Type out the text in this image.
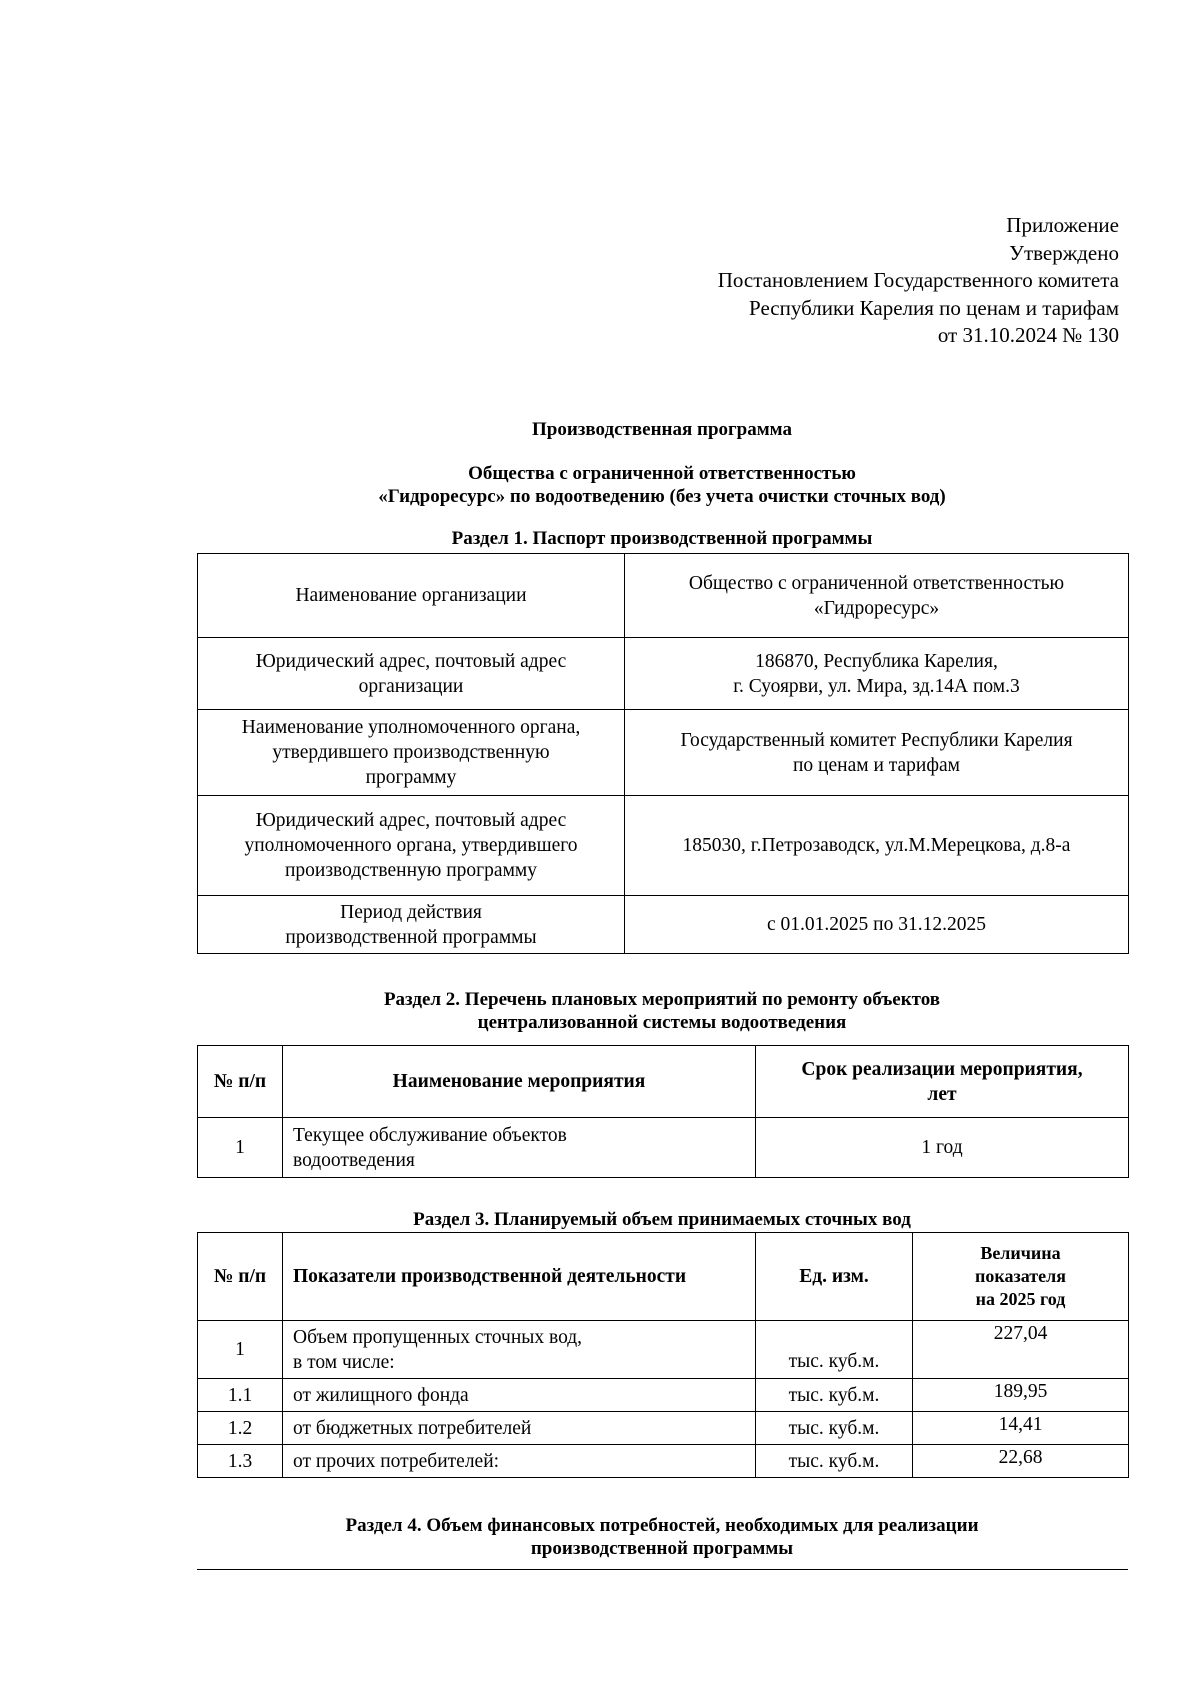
Приложение
Утверждено
Постановлением Государственного комитета
Республики Карелия по ценам и тарифам
от 31.10.2024 № 130
Производственная программа
Общества с ограниченной ответственностью
«Гидроресурс» по водоотведению (без учета очистки сточных вод)
Раздел 1. Паспорт производственной программы
Наименование организации	Общество с ограниченной ответственностью
«Гидроресурс»

Юридический адрес, почтовый адрес
организации	186870, Республика Карелия,
г. Суоярви, ул. Мира, зд.14А пом.3

Наименование уполномоченного органа,
утвердившего производственную
программу	Государственный комитет Республики Карелия
по ценам и тарифам

Юридический адрес, почтовый адрес
уполномоченного органа, утвердившего
производственную программу	185030, г.Петрозаводск, ул.М.Мерецкова, д.8-а

Период действия
производственной программы	с 01.01.2025 по 31.12.2025
Раздел 2. Перечень плановых мероприятий по ремонту объектов
централизованной системы водоотведения
№ п/п	Наименование мероприятия	Срок реализации мероприятия,
лет

1	Текущее обслуживание объектов
водоотведения	1 год
Раздел 3. Планируемый объем принимаемых сточных вод
№ п/п	Показатели производственной деятельности	Ед. изм.	Величина
показателя
на 2025 год

1	Объем пропущенных сточных вод,
в том числе:	тыс. куб.м.	227,04
1.1	от жилищного фонда	тыс. куб.м.	189,95
1.2	от бюджетных потребителей	тыс. куб.м.	14,41
1.3	от прочих потребителей:	тыс. куб.м.	22,68
Раздел 4. Объем финансовых потребностей, необходимых для реализации
производственной программы
